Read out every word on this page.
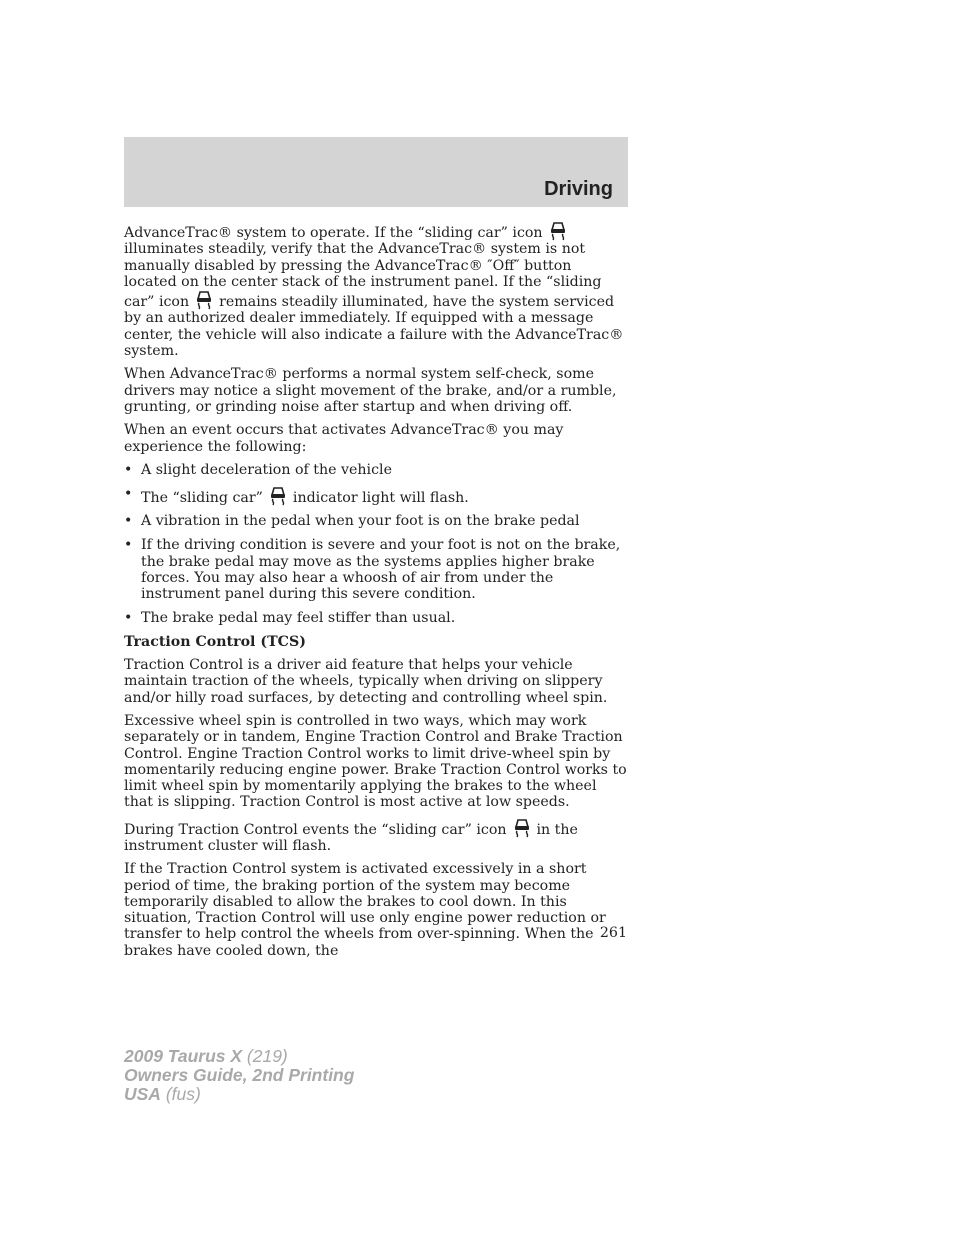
Driving

AdvanceTrac® system to operate. If the “sliding car” iconilluminates steadily, verify that the AdvanceTrac® system is not manually disabled by pressing the AdvanceTrac® ″Off″ button located on the center stack of the instrument panel. If the “sliding car” icon remains steadily illuminated, have the system serviced by an authorized dealer immediately. If equipped with a message center, the vehicle will also indicate a failure with the AdvanceTrac® system.

When AdvanceTrac® performs a normal system self-check, some drivers may notice a slight movement of the brake, and/or a rumble, grunting, or grinding noise after startup and when driving off.

When an event occurs that activates AdvanceTrac® you may experience the following:

• A slight deceleration of the vehicle
• The “sliding car” indicator light will flash.
• A vibration in the pedal when your foot is on the brake pedal
• If the driving condition is severe and your foot is not on the brake, the brake pedal may move as the systems applies higher brake forces. You may also hear a whoosh of air from under the instrument panel during this severe condition.
• The brake pedal may feel stiffer than usual.

Traction Control (TCS)

Traction Control is a driver aid feature that helps your vehicle maintain traction of the wheels, typically when driving on slippery and/or hilly road surfaces, by detecting and controlling wheel spin.

Excessive wheel spin is controlled in two ways, which may work separately or in tandem, Engine Traction Control and Brake Traction Control. Engine Traction Control works to limit drive-wheel spin by momentarily reducing engine power. Brake Traction Control works to limit wheel spin by momentarily applying the brakes to the wheel that is slipping. Traction Control is most active at low speeds.

During Traction Control events the “sliding car” icon in the instrument cluster will flash.

If the Traction Control system is activated excessively in a short period of time, the braking portion of the system may become temporarily disabled to allow the brakes to cool down. In this situation, Traction Control will use only engine power reduction or transfer to help control the wheels from over-spinning. When the brakes have cooled down, the

261
2009 Taurus X (219)
Owners Guide, 2nd Printing
USA (fus)
